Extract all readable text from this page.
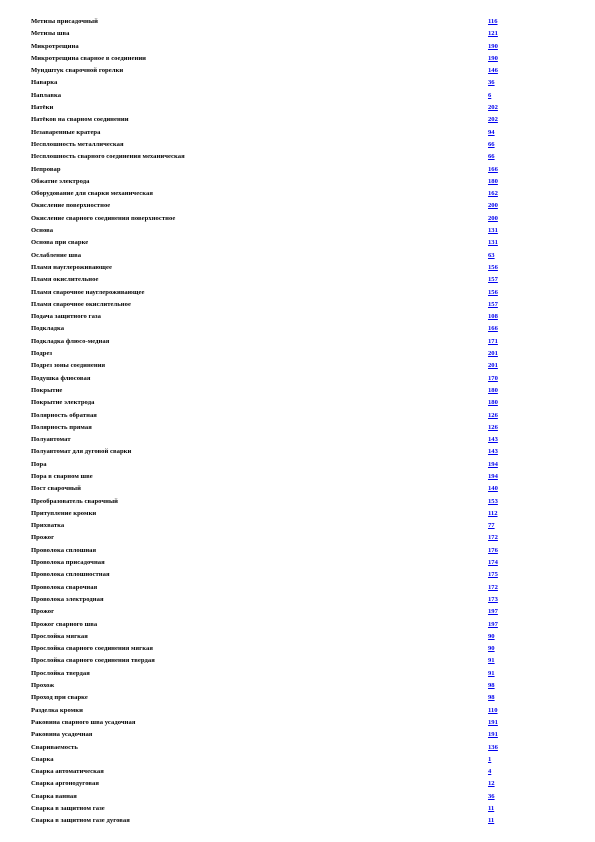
Метизы присадочный	116
Метизы шва	121
Микротрещина	190
Микротрещина сварное в соединении	190
Мундштук сварочной горелки	146
Наварка	36
Наплавка	6
Натёки	202
Натёков на сварном соединении	202
Незаваренные кратера	94
Несплошность металлическая	66
Несплошность сварного соединения механическая	66
Непровар	166
Обжатие электрода	180
Оборудование для сварки механическая	162
Окисление поверхностное	200
Окисление сварного соединения поверхностное	200
Основа	131
Основа при сварке	131
Ослабление шва	63
Пламя науглероживающее	156
Пламя окислительное	157
Пламя сварочное науглероживающее	156
Пламя сварочное окислительное	157
Подача защитного газа	108
Подкладка	166
Подкладка флюсо-медная	171
Подрез	201
Подрез зоны соединения	201
Подушка флюсовая	170
Покрытие	180
Покрытие электрода	180
Полярность обратная	126
Полярность прямая	126
Полуавтомат	143
Полуавтомат для дуговой сварки	143
Пора	194
Пора в сварном шве	194
Пост сварочный	140
Преобразователь сварочный	153
Притупление кромки	112
Прихватка	77
Прожог	172
Проволока сплошная	176
Проволока присадочная	174
Проволока сплошностная	175
Проволока сварочная	172
Проволока электродная	173
Прожог	197
Прожог сварного шва	197
Прослойка мягкая	90
Прослойка сварного соединения мягкая	90
Прослойка сварного соединения твердая	91
Прослойка твердая	91
Прохож	98
Проход при сварке	98
Разделка кромки	110
Раковина сварного шва усадочная	191
Раковина усадочная	191
Свариваемость	136
Сварка	1
Сварка автоматическая	4
Сварка аргонодуговая	12
Сварка ванная	36
Сварка в защитном газе	11
Сварка в защитном газе дуговая	11
